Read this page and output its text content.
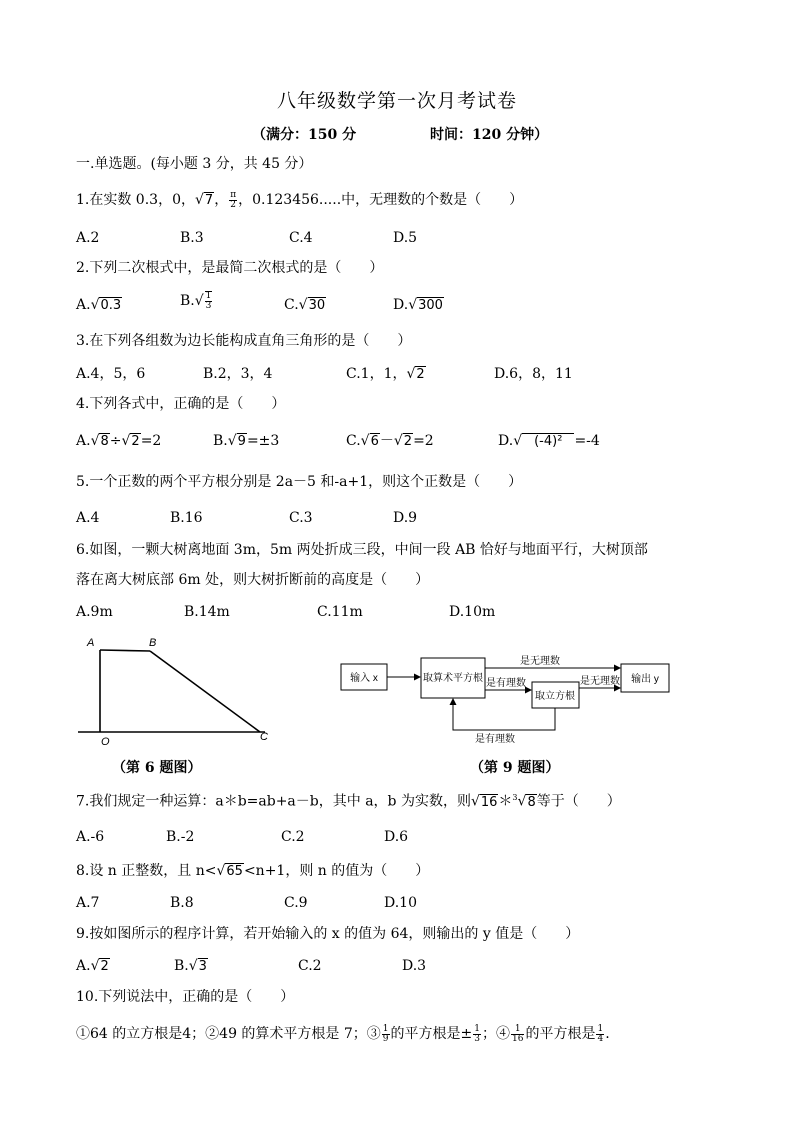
八年级数学第一次月考试卷
（满分：150 分	时间：120 分钟）
一.单选题。(每小题 3 分，共 45 分）
1.在实数 0.3，0，√7， $\frac{\pi}{2}$ ，0.123456.....中，无理数的个数是（　　）
A.2	B.3	C.4	D.5
2.下列二次根式中，是最简二次根式的是（　　）
A.√0.3	$B.√ \frac{1}{3}$	C.√30	D.√300
3.在下列各组数为边长能构成直角三角形的是（　　）
A.4，5，6	B.2，3，4	C.1，1，√2	D.6，8，11
4.下列各式中，正确的是（　　）
A.√8÷√2=2	B.√9=±3	C.√6－√2=2	D.√ (-4)² =-4
5.一个正数的两个平方根分别是 2a－5 和-a+1，则这个正数是（　　）
A.4	B.16	C.3	D.9
6.如图，一颗大树离地面 3m，5m 两处折成三段，中间一段 AB 恰好与地面平行，大树顶部
落在离大树底部 6m 处，则大树折断前的高度是（　　）
A.9m	B.14m	C.11m	D.10m
A	B
O	C
（第 6 题图）
输入 x	取算术平方根
是无理数
是有理数
取立方根
是无理数 输出 y
是有理数
（第 9 题图）
7.我们规定一种运算：a＊b=ab+a－b，其中 a，b 为实数，则√16＊$^3$√8等于（　　）
A.-6	B.-2	C.2	D.6
8.设 n 正整数，且 n<√65<n+1，则 n 的值为（　　）
A.7	B.8	C.9	D.10
9.按如图所示的程序计算，若开始输入的 x 的值为 64，则输出的 y 值是（　　）
A.√2	B.√3	C.2	D.3
10.下列说法中，正确的是（　　）
①64 的立方根是4；②49 的算术平方根是 7；③ $\frac{1}{9}$ 的平方根是± $\frac{1}{3}$ ；④ $\frac{1}{16}$ 的平方根是 $\frac{1}{4}$ .
